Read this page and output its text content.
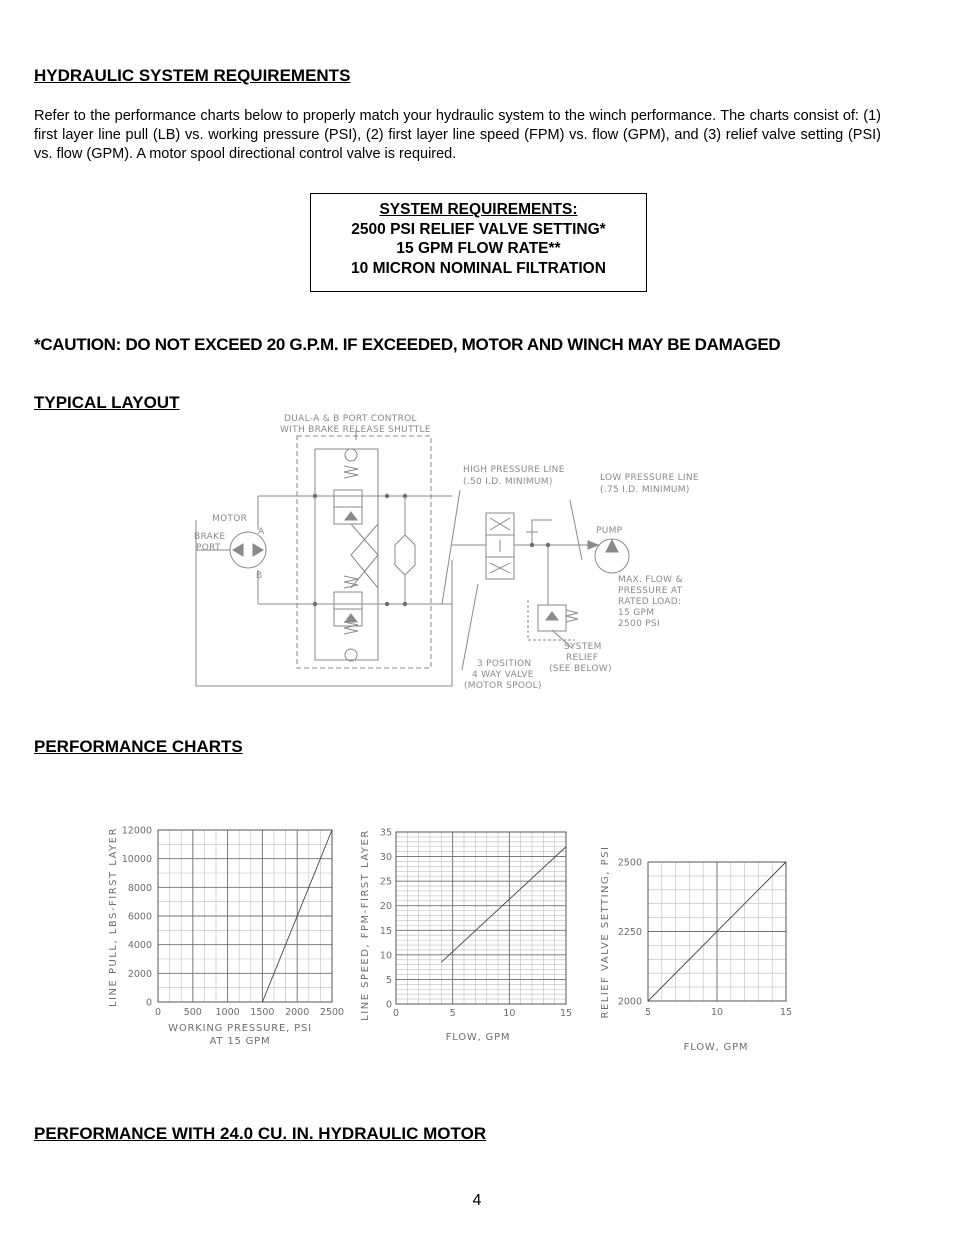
HYDRAULIC SYSTEM REQUIREMENTS

Refer to the performance charts below to properly match your hydraulic system to the winch performance. The charts consist of: (1) first layer line pull (LB) vs. working pressure (PSI), (2) first layer line speed (FPM) vs. flow (GPM), and (3) relief valve setting (PSI) vs. flow (GPM). A motor spool directional control valve is required.

SYSTEM REQUIREMENTS:
2500 PSI RELIEF VALVE SETTING*
15 GPM FLOW RATE**
10 MICRON NOMINAL FILTRATION
*CAUTION: DO NOT EXCEED 20 G.P.M. IF EXCEEDED, MOTOR AND WINCH MAY BE DAMAGED
TYPICAL LAYOUT
DUAL-A & B PORT CONTROL
WITH BRAKE RELEASE SHUTTLE
HIGH PRESSURE LINE
(.50 I.D. MINIMUM)	LOW PRESSURE LINE
(.75 I.D. MINIMUM)
MOTOR
BRAKE
PORT
A
B
PUMP
MAX. FLOW &
PRESSURE AT
RATED LOAD:
15 GPM
2500 PSI
3 POSITION
4 WAY VALVE
(MOTOR SPOOL)
SYSTEM
RELIEF
(SEE BELOW)
PERFORMANCE CHARTS
0 500 1000 1500 2000 2500
0
2000
4000
6000
8000
10000
12000
WORKING PRESSURE, PSI
AT 15 GPM
LINE PULL, LBS-FIRST LAYER
0	5	10	15
0
5
10
15
20
25
30
35
FLOW, GPM
LINE SPEED, FPM-FIRST LAYER	5	10	15
2000
2250
2500
FLOW, GPM
RELIEF VALVE SETTING, PSI
PERFORMANCE WITH 24.0 CU. IN. HYDRAULIC MOTOR
4
